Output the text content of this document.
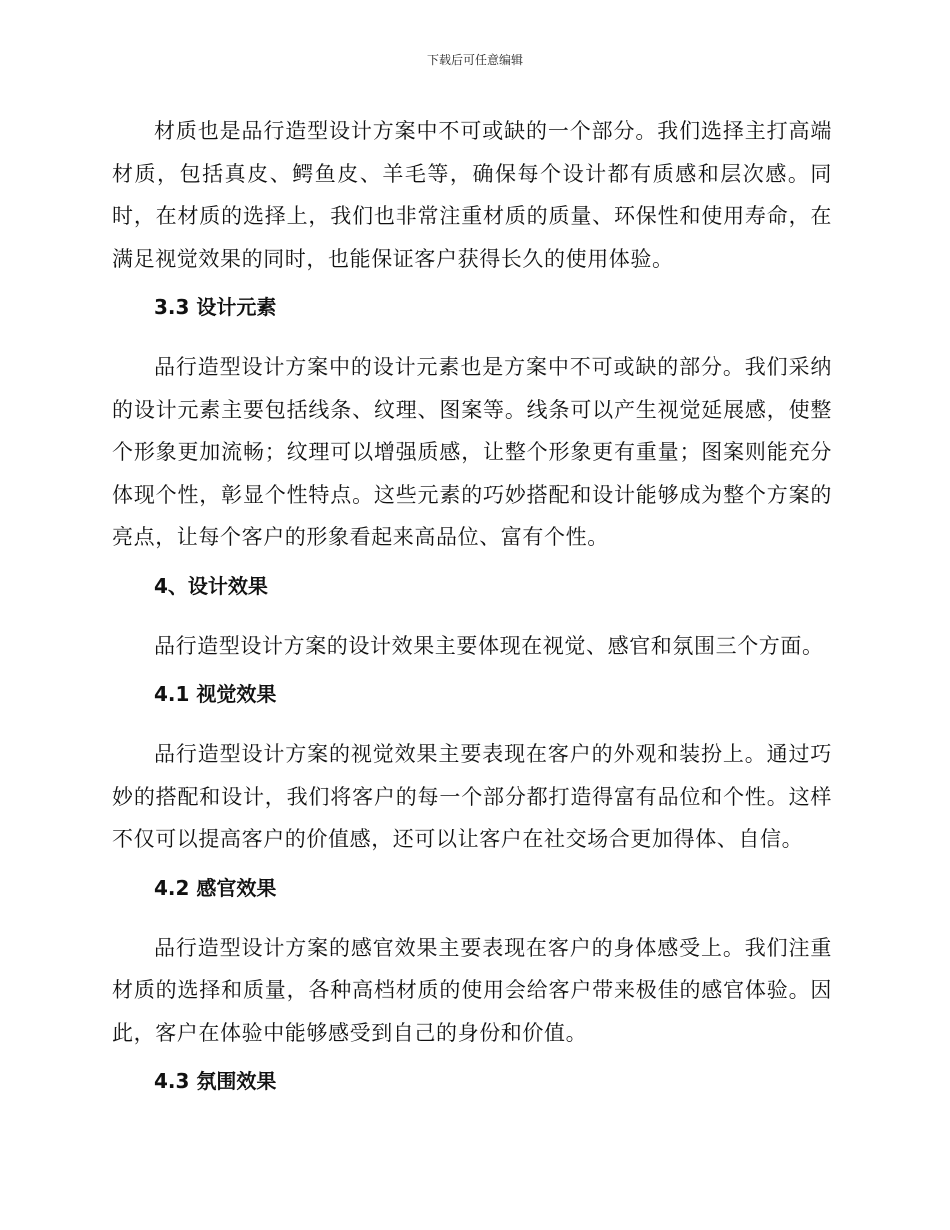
下载后可任意编辑

材质也是品行造型设计方案中不可或缺的一个部分。我们选择主打高端材质，包括真皮、鳄鱼皮、羊毛等，确保每个设计都有质感和层次感。同时，在材质的选择上，我们也非常注重材质的质量、环保性和使用寿命，在满足视觉效果的同时，也能保证客户获得长久的使用体验。

3.3 设计元素

品行造型设计方案中的设计元素也是方案中不可或缺的部分。我们采纳的设计元素主要包括线条、纹理、图案等。线条可以产生视觉延展感，使整个形象更加流畅；纹理可以增强质感，让整个形象更有重量；图案则能充分体现个性，彰显个性特点。这些元素的巧妙搭配和设计能够成为整个方案的亮点，让每个客户的形象看起来高品位、富有个性。

4、设计效果

品行造型设计方案的设计效果主要体现在视觉、感官和氛围三个方面。

4.1 视觉效果

品行造型设计方案的视觉效果主要表现在客户的外观和装扮上。通过巧妙的搭配和设计，我们将客户的每一个部分都打造得富有品位和个性。这样不仅可以提高客户的价值感，还可以让客户在社交场合更加得体、自信。

4.2 感官效果

品行造型设计方案的感官效果主要表现在客户的身体感受上。我们注重材质的选择和质量，各种高档材质的使用会给客户带来极佳的感官体验。因此，客户在体验中能够感受到自己的身份和价值。

4.3 氛围效果
